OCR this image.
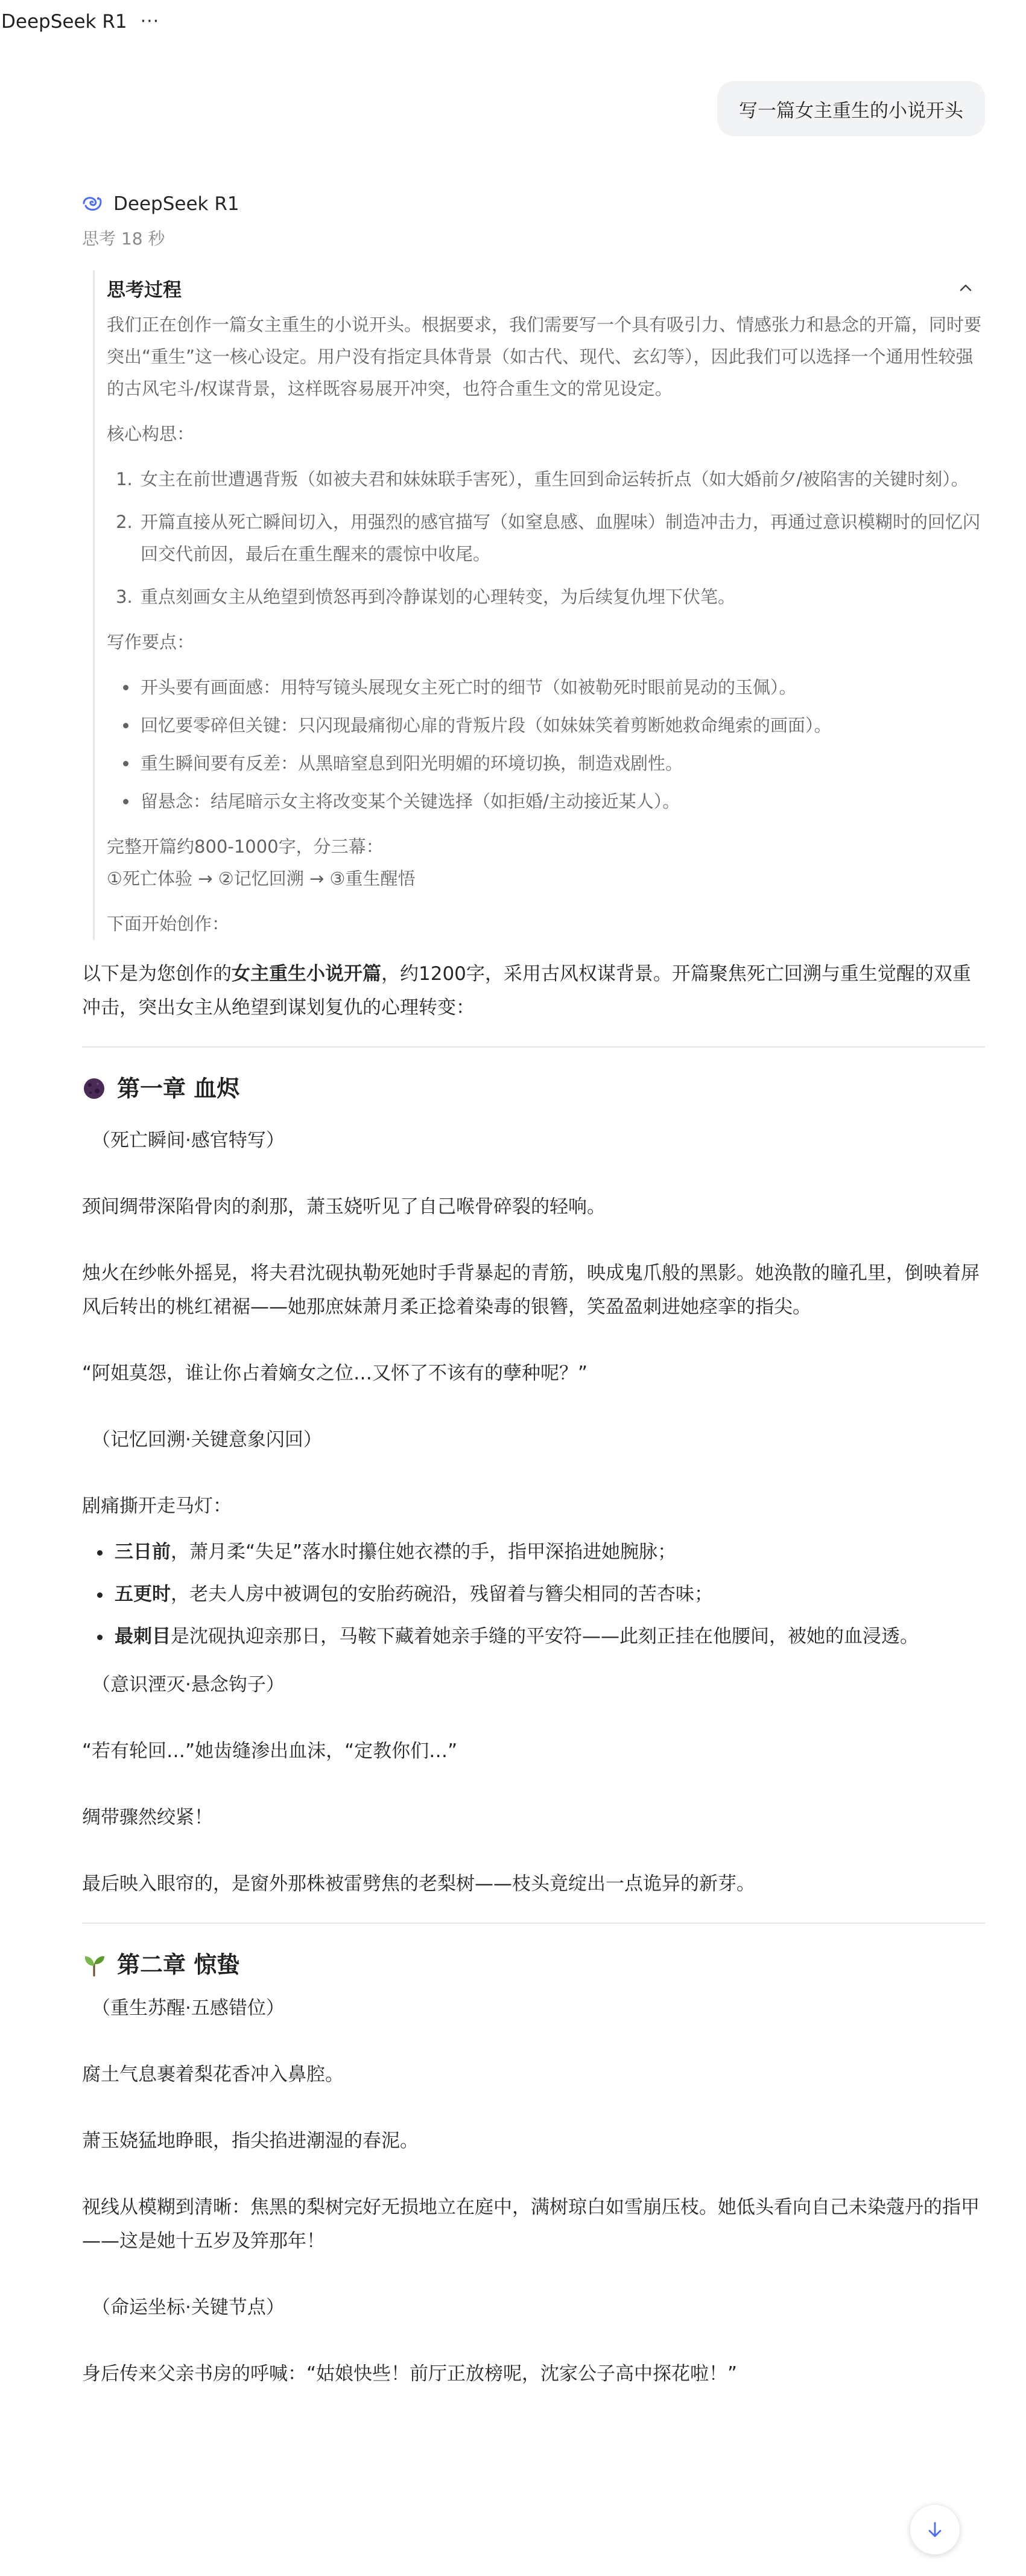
DeepSeek R1 ···
写一篇女主重生的小说开头
DeepSeek R1
思考 18 秒
思考过程

我们正在创作一篇女主重生的小说开头。根据要求，我们需要写一个具有吸引力、情感张力和悬念的开篇，同时要突出“重生”这一核心设定。用户没有指定具体背景（如古代、现代、玄幻等），因此我们可以选择一个通用性较强的古风宅斗/权谋背景，这样既容易展开冲突，也符合重生文的常见设定。

核心构思：

1. 女主在前世遭遇背叛（如被夫君和妹妹联手害死），重生回到命运转折点（如大婚前夕/被陷害的关键时刻）。
2. 开篇直接从死亡瞬间切入，用强烈的感官描写（如窒息感、血腥味）制造冲击力，再通过意识模糊时的回忆闪回交代前因，最后在重生醒来的震惊中收尾。
3. 重点刻画女主从绝望到愤怒再到冷静谋划的心理转变，为后续复仇埋下伏笔。

写作要点：

• 开头要有画面感：用特写镜头展现女主死亡时的细节（如被勒死时眼前晃动的玉佩）。
• 回忆要零碎但关键：只闪现最痛彻心扉的背叛片段（如妹妹笑着剪断她救命绳索的画面）。
• 重生瞬间要有反差：从黑暗窒息到阳光明媚的环境切换，制造戏剧性。
• 留悬念：结尾暗示女主将改变某个关键选择（如拒婚/主动接近某人）。

完整开篇约800-1000字，分三幕：
①死亡体验 → ②记忆回溯 → ③重生醒悟

下面开始创作：

以下是为您创作的女主重生小说开篇，约1200字，采用古风权谋背景。开篇聚焦死亡回溯与重生觉醒的双重冲击，突出女主从绝望到谋划复仇的心理转变：

第一章 血烬

（死亡瞬间·感官特写）

颈间绸带深陷骨肉的刹那，萧玉娆听见了自己喉骨碎裂的轻响。

烛火在纱帐外摇晃，将夫君沈砚执勒死她时手背暴起的青筋，映成鬼爪般的黑影。她涣散的瞳孔里，倒映着屏风后转出的桃红裙裾——她那庶妹萧月柔正捻着染毒的银簪，笑盈盈刺进她痉挛的指尖。

“阿姐莫怨，谁让你占着嫡女之位…又怀了不该有的孽种呢？”

（记忆回溯·关键意象闪回）

剧痛撕开走马灯：

• 三日前，萧月柔“失足”落水时攥住她衣襟的手，指甲深掐进她腕脉；
• 五更时，老夫人房中被调包的安胎药碗沿，残留着与簪尖相同的苦杏味；
• 最刺目是沈砚执迎亲那日，马鞍下藏着她亲手缝的平安符——此刻正挂在他腰间，被她的血浸透。

（意识湮灭·悬念钩子）

“若有轮回…”她齿缝渗出血沫，“定教你们…”

绸带骤然绞紧！

最后映入眼帘的，是窗外那株被雷劈焦的老梨树——枝头竟绽出一点诡异的新芽。

第二章 惊蛰

（重生苏醒·五感错位）

腐土气息裹着梨花香冲入鼻腔。

萧玉娆猛地睁眼，指尖掐进潮湿的春泥。

视线从模糊到清晰：焦黑的梨树完好无损地立在庭中，满树琼白如雪崩压枝。她低头看向自己未染蔻丹的指甲——这是她十五岁及笄那年！

（命运坐标·关键节点）

身后传来父亲书房的呼喊：“姑娘快些！前厅正放榜呢，沈家公子高中探花啦！”
